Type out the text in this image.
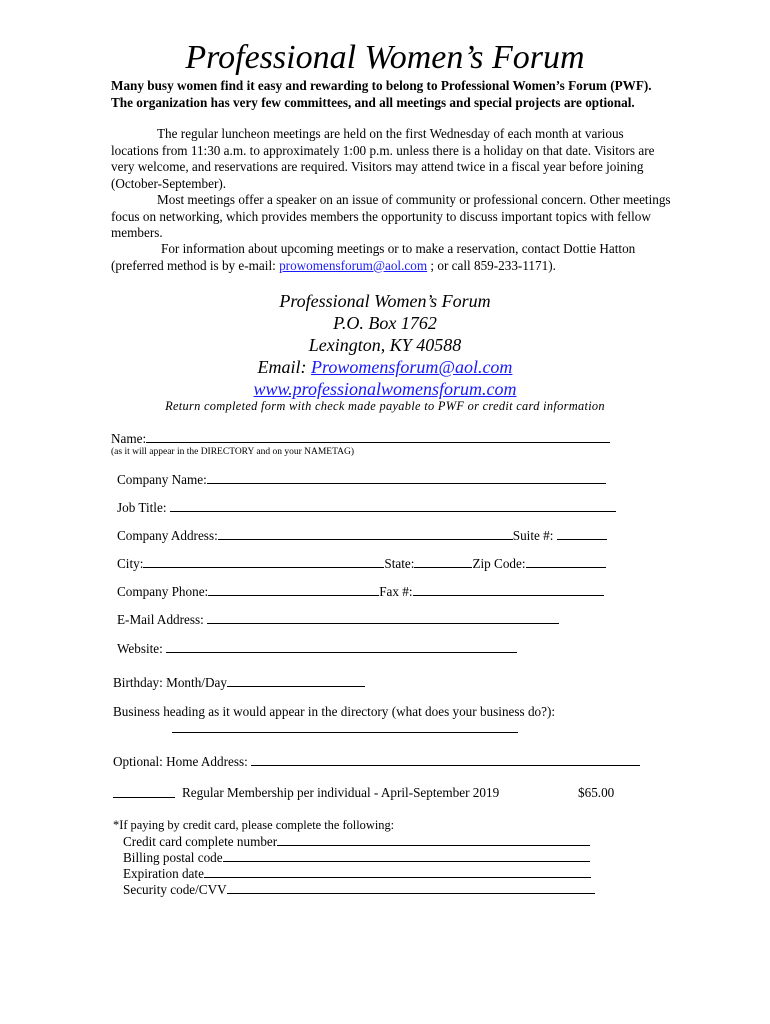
Professional Women’s Forum
Many busy women find it easy and rewarding to belong to Professional Women’s Forum (PWF). The organization has very few committees, and all meetings and special projects are optional.
The regular luncheon meetings are held on the first Wednesday of each month at various locations from 11:30 a.m. to approximately 1:00 p.m. unless there is a holiday on that date. Visitors are very welcome, and reservations are required. Visitors may attend twice in a fiscal year before joining (October-September).
Most meetings offer a speaker on an issue of community or professional concern. Other meetings focus on networking, which provides members the opportunity to discuss important topics with fellow members.
For information about upcoming meetings or to make a reservation, contact Dottie Hatton (preferred method is by e-mail: prowomensforum@aol.com ; or call 859-233-1171).
Professional Women’s Forum
P.O. Box 1762
Lexington, KY 40588
Email: Prowomensforum@aol.com
www.professionalwomensforum.com
Return completed form with check made payable to PWF or credit card information
Name:
(as it will appear in the DIRECTORY and on your NAMETAG)
Company Name:
Job Title:
Company Address:	Suite #:
City:	State:	Zip Code:
Company Phone:	Fax #:
E-Mail Address:
Website:
Birthday: Month/Day
Business heading as it would appear in the directory (what does your business do?):
Optional: Home Address:
Regular Membership per individual - April-September 2019	$65.00
*If paying by credit card, please complete the following:
Credit card complete number
Billing postal code
Expiration date
Security code/CVV
